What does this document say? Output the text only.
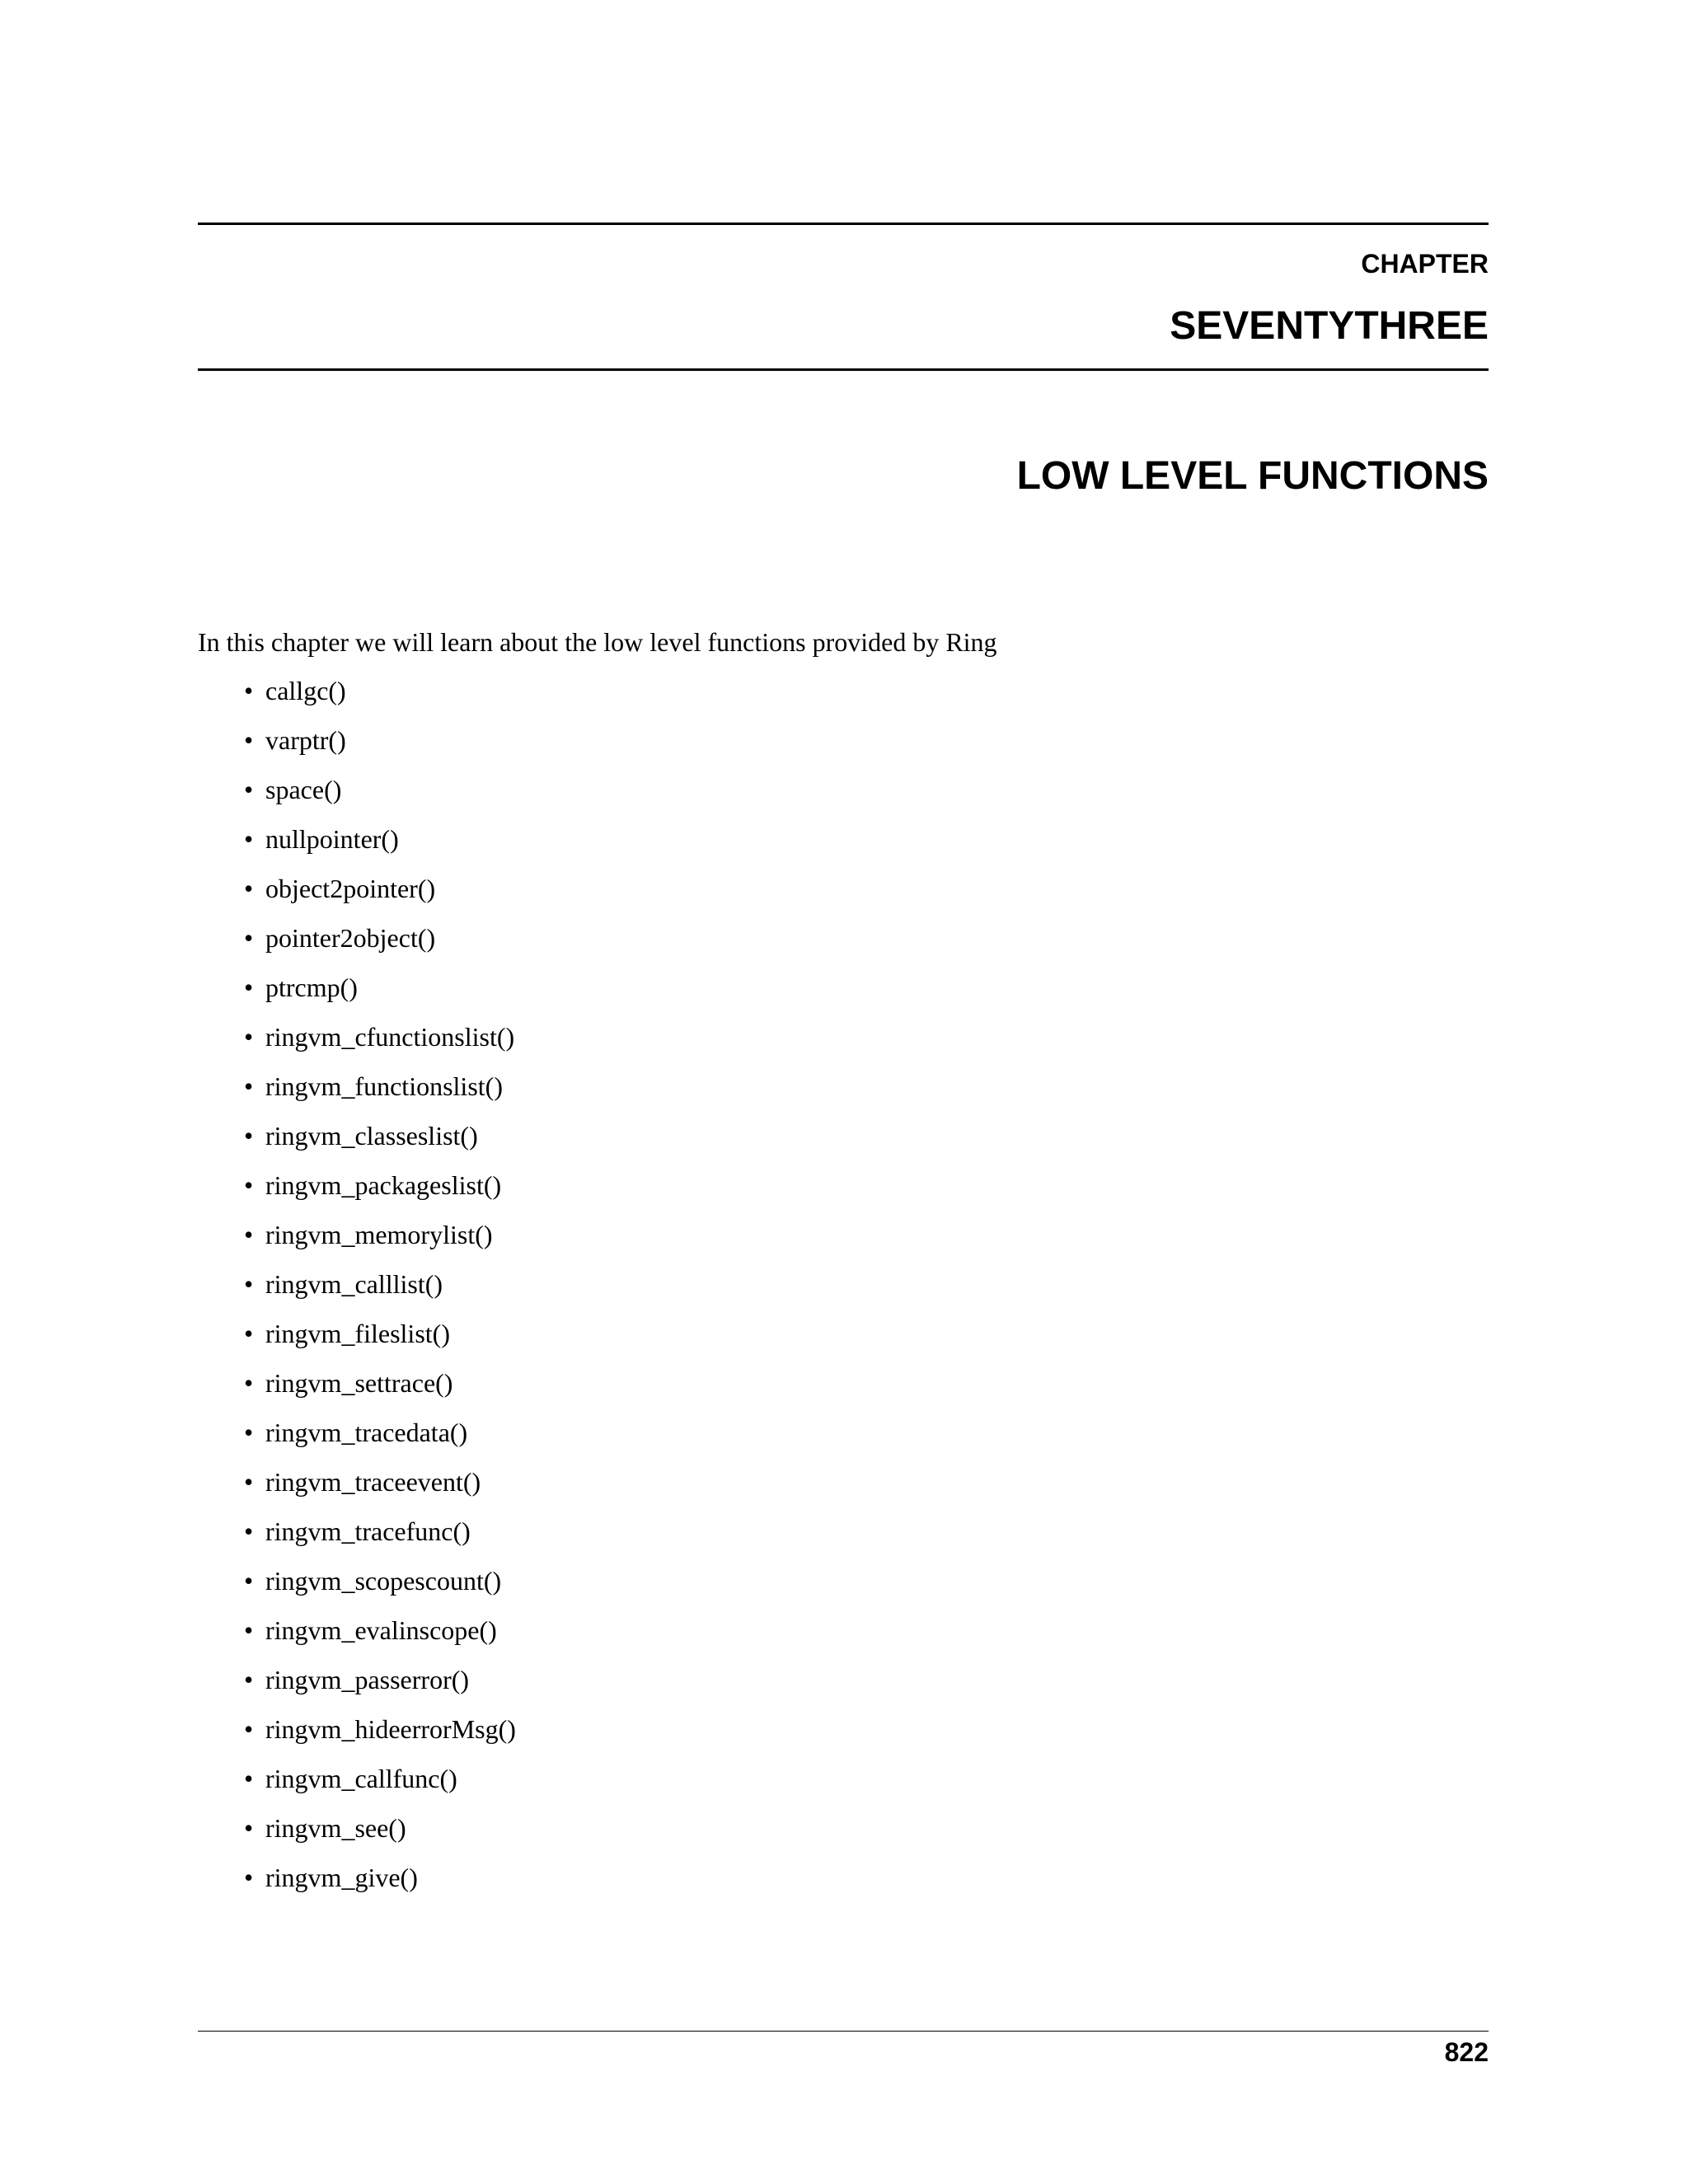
CHAPTER
SEVENTYTHREE
LOW LEVEL FUNCTIONS

In this chapter we will learn about the low level functions provided by Ring

• callgc()
• varptr()
• space()
• nullpointer()
• object2pointer()
• pointer2object()
• ptrcmp()
• ringvm_cfunctionslist()
• ringvm_functionslist()
• ringvm_classeslist()
• ringvm_packageslist()
• ringvm_memorylist()
• ringvm_calllist()
• ringvm_fileslist()
• ringvm_settrace()
• ringvm_tracedata()
• ringvm_traceevent()
• ringvm_tracefunc()
• ringvm_scopescount()
• ringvm_evalinscope()
• ringvm_passerror()
• ringvm_hideerrorMsg()
• ringvm_callfunc()
• ringvm_see()
• ringvm_give()
822
